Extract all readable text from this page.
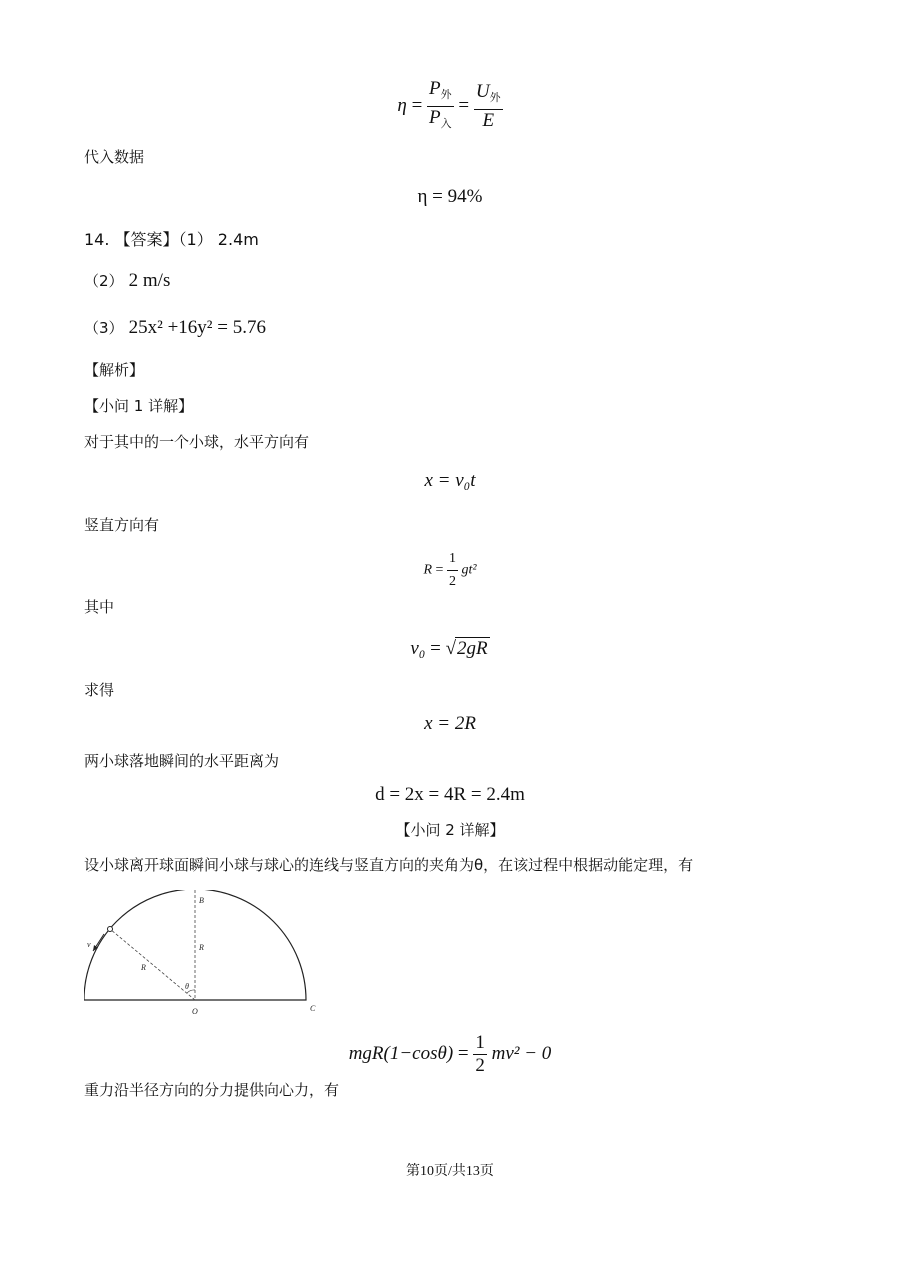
$\eta = \frac{P_外}{P_入} = \frac{U_外}{E}$
代入数据
η = 94%
14. 【答案】（1） 2.4m
（2） 2 m/s
（3） 25x² +16y² = 5.76
【解析】
【小问 1 详解】
对于其中的一个小球，水平方向有
x = v₀t
竖直方向有
$R = \frac{1}{2} gt^2$
其中
v₀ = √2gR
求得
x = 2R
两小球落地瞬间的水平距离为
d = 2x = 4R = 2.4m
【小问 2 详解】
设小球离开球面瞬间小球与球心的连线与竖直方向的夹角为θ，在该过程中根据动能定理，有
B
R
R
v
θ
O	C
$mgR(1-\cos\theta) = \frac{1}{2} mv^2 - 0$
重力沿半径方向的分力提供向心力，有
第10页/共13页
